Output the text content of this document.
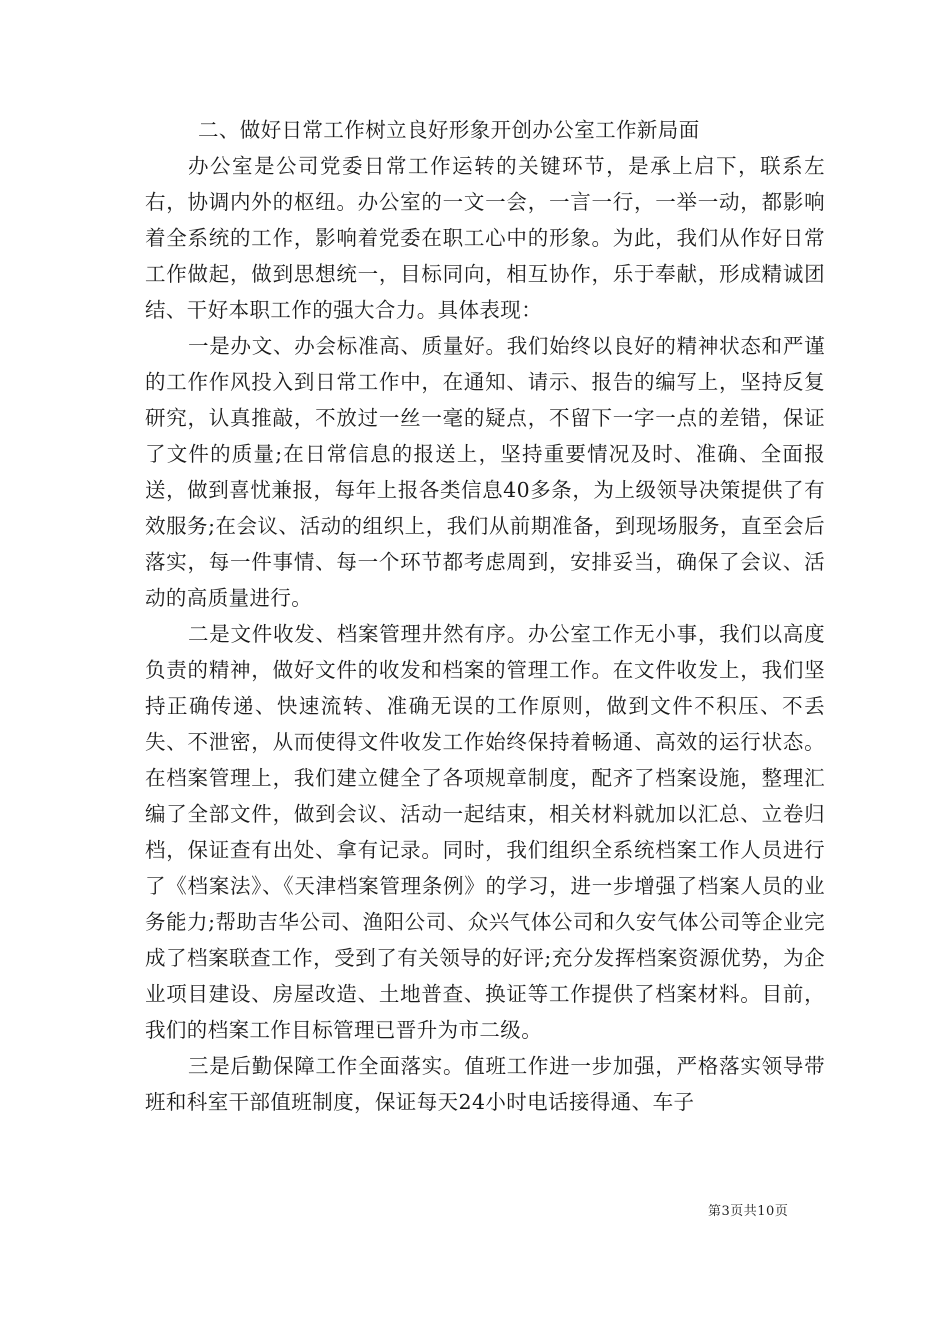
二、做好日常工作树立良好形象开创办公室工作新局面

办公室是公司党委日常工作运转的关键环节，是承上启下，联系左右，协调内外的枢纽。办公室的一文一会，一言一行，一举一动，都影响着全系统的工作，影响着党委在职工心中的形象。为此，我们从作好日常工作做起，做到思想统一，目标同向，相互协作，乐于奉献，形成精诚团结、干好本职工作的强大合力。具体表现：

一是办文、办会标准高、质量好。我们始终以良好的精神状态和严谨的工作作风投入到日常工作中，在通知、请示、报告的编写上，坚持反复研究，认真推敲，不放过一丝一毫的疑点，不留下一字一点的差错，保证了文件的质量;在日常信息的报送上，坚持重要情况及时、准确、全面报送，做到喜忧兼报，每年上报各类信息40多条，为上级领导决策提供了有效服务;在会议、活动的组织上，我们从前期准备，到现场服务，直至会后落实，每一件事情、每一个环节都考虑周到，安排妥当，确保了会议、活动的高质量进行。

二是文件收发、档案管理井然有序。办公室工作无小事，我们以高度负责的精神，做好文件的收发和档案的管理工作。在文件收发上，我们坚持正确传递、快速流转、准确无误的工作原则，做到文件不积压、不丢失、不泄密，从而使得文件收发工作始终保持着畅通、高效的运行状态。在档案管理上，我们建立健全了各项规章制度，配齐了档案设施，整理汇编了全部文件，做到会议、活动一起结束，相关材料就加以汇总、立卷归档，保证查有出处、拿有记录。同时，我们组织全系统档案工作人员进行了《档案法》、《天津档案管理条例》的学习，进一步增强了档案人员的业务能力;帮助吉华公司、渔阳公司、众兴气体公司和久安气体公司等企业完成了档案联查工作，受到了有关领导的好评;充分发挥档案资源优势，为企业项目建设、房屋改造、土地普查、换证等工作提供了档案材料。目前，我们的档案工作目标管理已晋升为市二级。

三是后勤保障工作全面落实。值班工作进一步加强，严格落实领导带班和科室干部值班制度，保证每天24小时电话接得通、车子

第3页共10页
